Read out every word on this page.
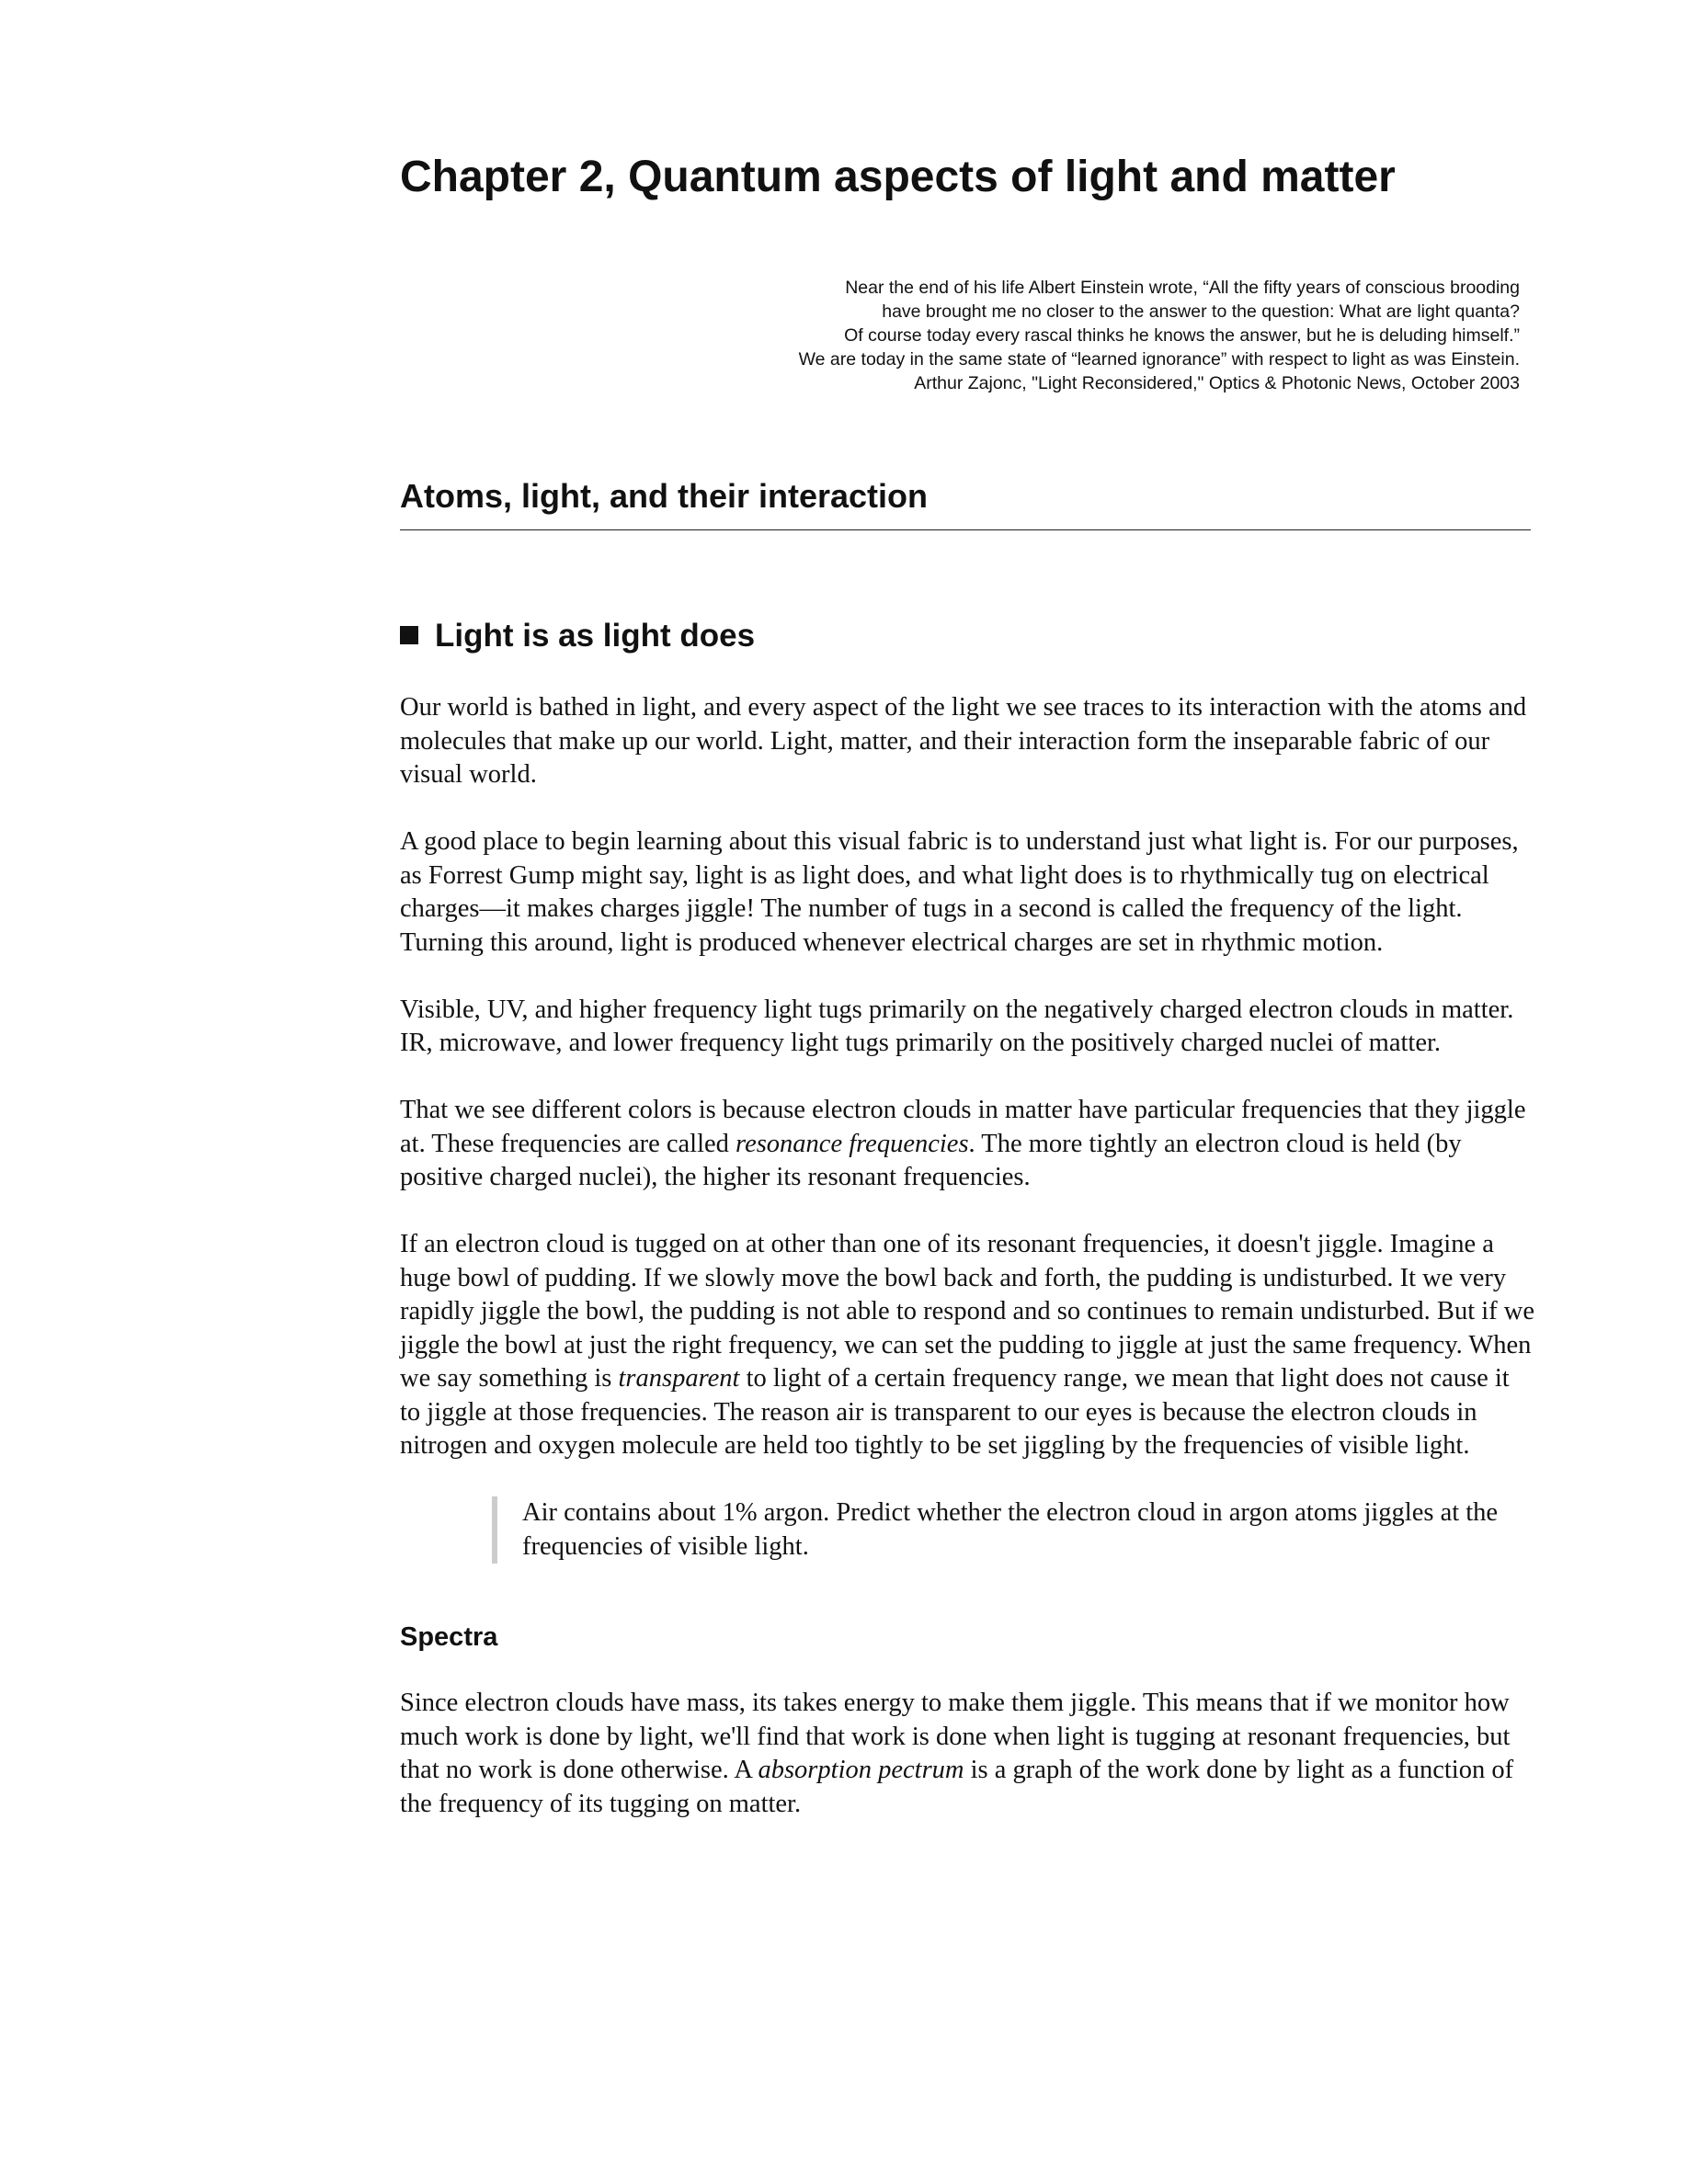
Chapter 2, Quantum aspects of light and matter
Near the end of his life Albert Einstein wrote, “All the fifty years of conscious brooding
have brought me no closer to the answer to the question: What are light quanta?
Of course today every rascal thinks he knows the answer, but he is deluding himself.”
We are today in the same state of “learned ignorance” with respect to light as was Einstein.
Arthur Zajonc, "Light Reconsidered," Optics & Photonic News, October 2003
Atoms, light, and their interaction
Light is as light does

Our world is bathed in light, and every aspect of the light we see traces to its interaction with the atoms and molecules that make up our world. Light, matter, and their interaction form the inseparable fabric of our visual world.

A good place to begin learning about this visual fabric is to understand just what light is. For our purposes, as Forrest Gump might say, light is as light does, and what light does is to rhythmically tug on electrical charges—it makes charges jiggle! The number of tugs in a second is called the frequency of the light. Turning this around, light is produced whenever electrical charges are set in rhythmic motion.

Visible, UV, and higher frequency light tugs primarily on the negatively charged electron clouds in matter. IR, microwave, and lower frequency light tugs primarily on the positively charged nuclei of matter.

That we see different colors is because electron clouds in matter have particular frequencies that they jiggle at. These frequencies are called resonance frequencies. The more tightly an electron cloud is held (by positive charged nuclei), the higher its resonant frequencies.

If an electron cloud is tugged on at other than one of its resonant frequencies, it doesn't jiggle. Imagine a huge bowl of pudding. If we slowly move the bowl back and forth, the pudding is undisturbed. It we very rapidly jiggle the bowl, the pudding is not able to respond and so continues to remain undisturbed. But if we jiggle the bowl at just the right frequency, we can set the pudding to jiggle at just the same frequency. When we say something is transparent to light of a certain frequency range, we mean that light does not cause it to jiggle at those frequencies. The reason air is transparent to our eyes is because the electron clouds in nitrogen and oxygen molecule are held too tightly to be set jiggling by the frequencies of visible light.

Air contains about 1% argon. Predict whether the electron cloud in argon atoms jiggles at the frequencies of visible light.

Spectra

Since electron clouds have mass, its takes energy to make them jiggle. This means that if we monitor how much work is done by light, we'll find that work is done when light is tugging at resonant frequencies, but that no work is done otherwise. A absorption pectrum is a graph of the work done by light as a function of the frequency of its tugging on matter.
